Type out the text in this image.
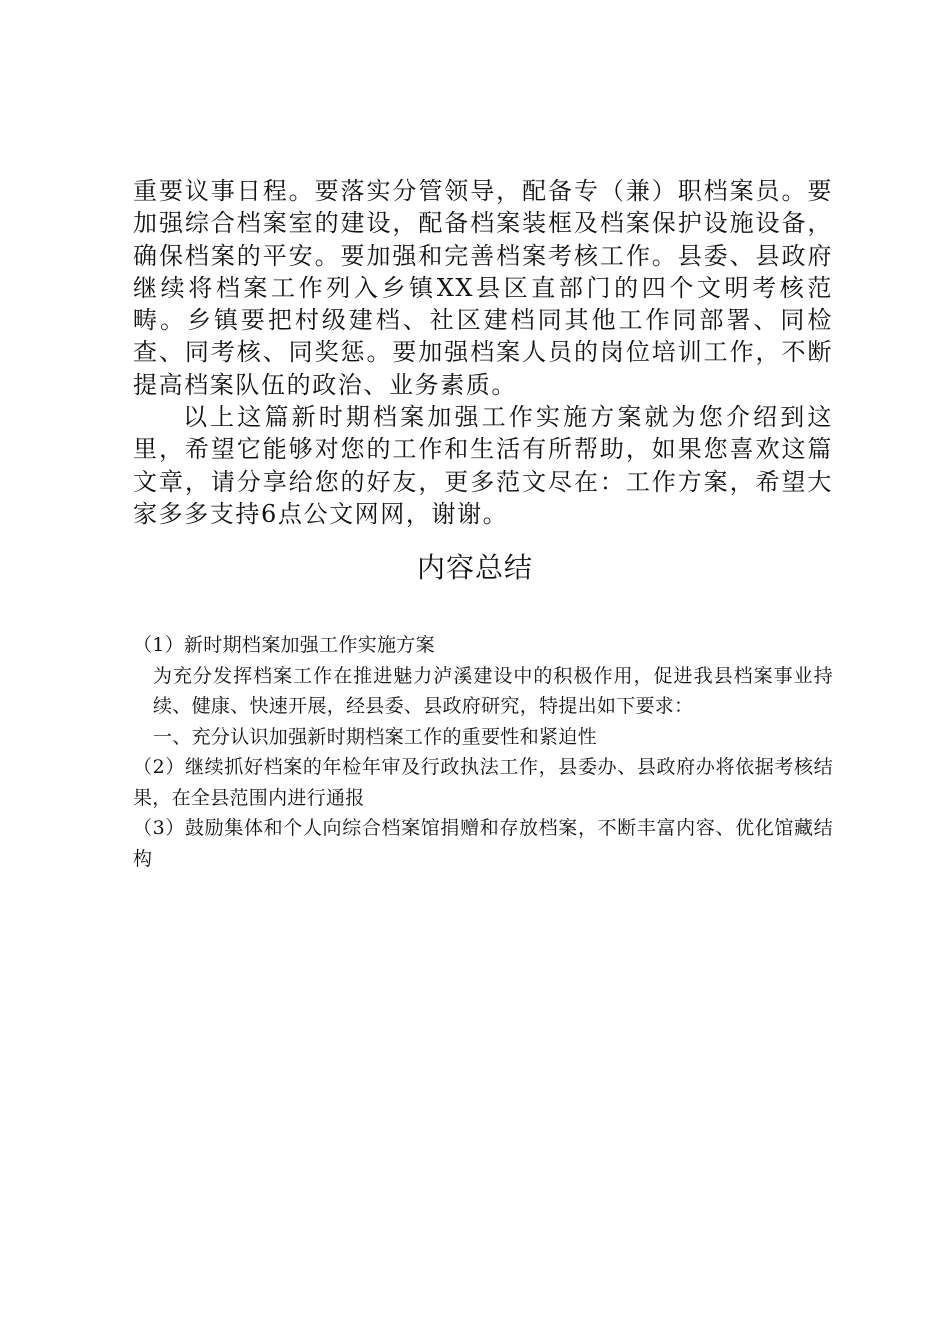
重要议事日程。要落实分管领导，配备专（兼）职档案员。要加强综合档案室的建设，配备档案装框及档案保护设施设备，确保档案的平安。要加强和完善档案考核工作。县委、县政府继续将档案工作列入乡镇XX县区直部门的四个文明考核范畴。乡镇要把村级建档、社区建档同其他工作同部署、同检查、同考核、同奖惩。要加强档案人员的岗位培训工作，不断提高档案队伍的政治、业务素质。

以上这篇新时期档案加强工作实施方案就为您介绍到这里，希望它能够对您的工作和生活有所帮助，如果您喜欢这篇文章，请分享给您的好友，更多范文尽在：工作方案，希望大家多多支持6点公文网网，谢谢。

内容总结

（1）新时期档案加强工作实施方案

为充分发挥档案工作在推进魅力泸溪建设中的积极作用，促进我县档案事业持续、健康、快速开展，经县委、县政府研究，特提出如下要求：

一、充分认识加强新时期档案工作的重要性和紧迫性

（2）继续抓好档案的年检年审及行政执法工作，县委办、县政府办将依据考核结果，在全县范围内进行通报

（3）鼓励集体和个人向综合档案馆捐赠和存放档案，不断丰富内容、优化馆藏结构
